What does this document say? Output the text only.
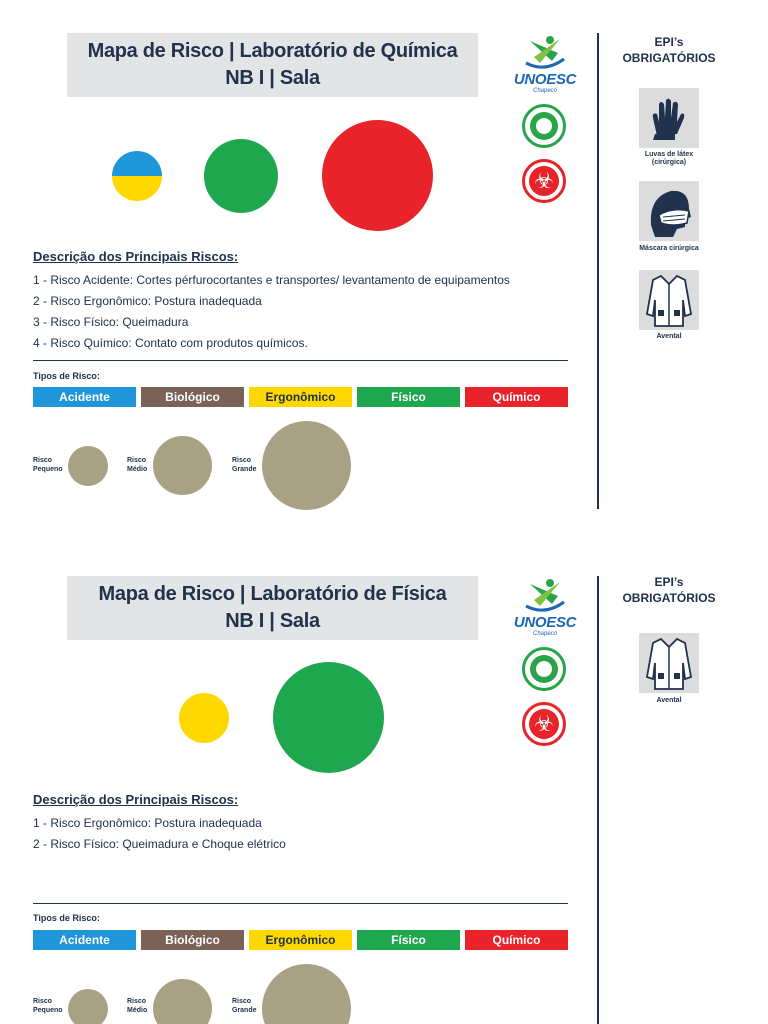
Mapa de Risco | Laboratório de Química
NB I | Sala	UNOESC
Chapecó
☣
Descrição dos Principais Riscos:
1 - Risco Acidente: Cortes pérfurocortantes e transportes/ levantamento de equipamentos
2 - Risco Ergonômico: Postura inadequada
3 - Risco Físico: Queimadura
4 - Risco Químico: Contato com produtos químicos.
Tipos de Risco:
Acidente	Biológico	Ergonômico	Físico	Químico
Risco Pequeno
Risco Médio
Risco Grande
EPI’s
OBRIGATÓRIOS
Luvas de látex
(cirúrgica)
Máscara cirúrgica
Avental
Mapa de Risco | Laboratório de Física
NB I | Sala	UNOESC
Chapecó
☣
Descrição dos Principais Riscos:
1 - Risco Ergonômico: Postura inadequada
2 - Risco Físico: Queimadura e Choque elétrico
Tipos de Risco:
Acidente	Biológico	Ergonômico	Físico	Químico
Risco Pequeno
Risco Médio
Risco Grande
EPI’s
OBRIGATÓRIOS
Avental
